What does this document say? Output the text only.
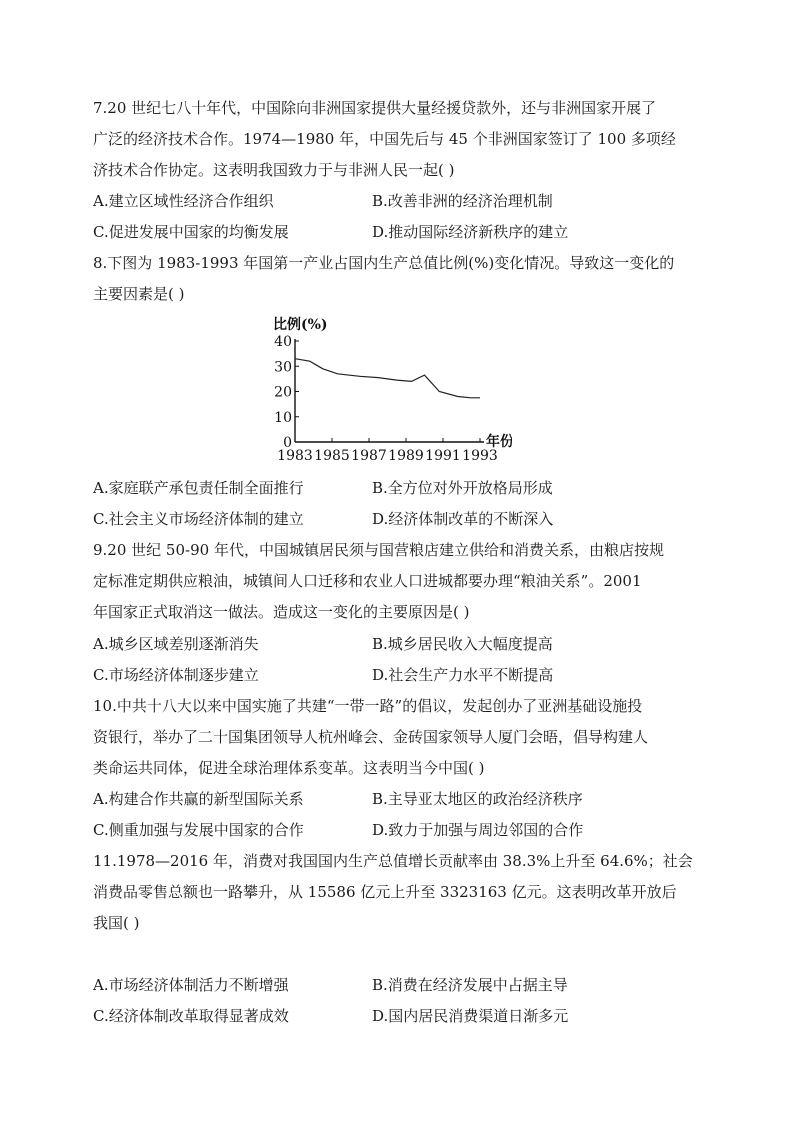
7.20 世纪七八十年代，中国除向非洲国家提供大量经援贷款外，还与非洲国家开展了
广泛的经济技术合作。1974—1980 年，中国先后与 45 个非洲国家签订了 100 多项经
济技术合作协定。这表明我国致力于与非洲人民一起( )
A.建立区域性经济合作组织	B.改善非洲的经济治理机制
C.促进发展中国家的均衡发展	D.推动国际经济新秩序的建立
8.下图为 1983-1993 年国第一产业占国内生产总值比例(%)变化情况。导致这一变化的
主要因素是( )
0
10
20
30
40
1983 1985 1987 1989 1991 1993
比例(%)
年份
A.家庭联产承包责任制全面推行	B.全方位对外开放格局形成
C.社会主义市场经济体制的建立	D.经济体制改革的不断深入
9.20 世纪 50-90 年代，中国城镇居民须与国营粮店建立供给和消费关系，由粮店按规
定标准定期供应粮油，城镇间人口迁移和农业人口进城都要办理“粮油关系”。2001
年国家正式取消这一做法。造成这一变化的主要原因是( )
A.城乡区域差别逐渐消失	B.城乡居民收入大幅度提高
C.市场经济体制逐步建立	D.社会生产力水平不断提高
10.中共十八大以来中国实施了共建“一带一路”的倡议，发起创办了亚洲基础设施投
资银行，举办了二十国集团领导人杭州峰会、金砖国家领导人厦门会晤，倡导构建人
类命运共同体，促进全球治理体系变革。这表明当今中国( )
A.构建合作共赢的新型国际关系	B.主导亚太地区的政治经济秩序
C.侧重加强与发展中国家的合作	D.致力于加强与周边邻国的合作
11.1978—2016 年，消费对我国国内生产总值增长贡献率由 38.3%上升至 64.6%；社会
消费品零售总额也一路攀升，从 15586 亿元上升至 3323163 亿元。这表明改革开放后
我国( )
A.市场经济体制活力不断增强	B.消费在经济发展中占据主导
C.经济体制改革取得显著成效	D.国内居民消费渠道日渐多元
